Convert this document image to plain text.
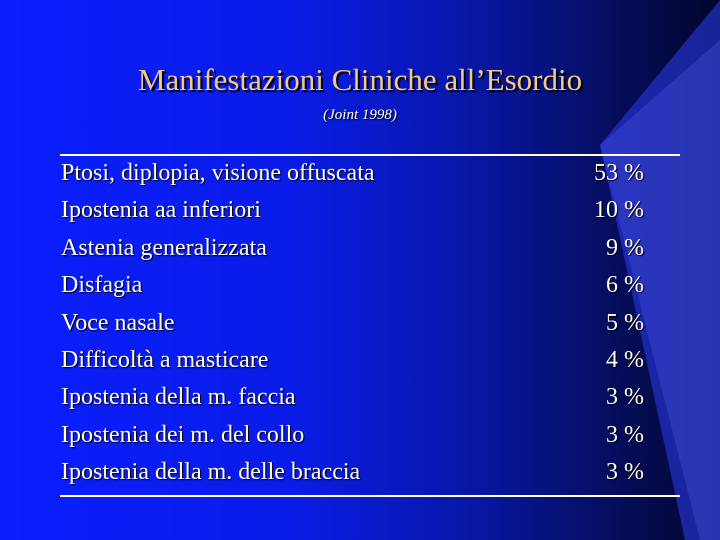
Manifestazioni Cliniche all’Esordio
(Joint 1998)
Ptosi, diplopia, visione offuscata	53 %
Ipostenia aa inferiori	10 %
Astenia generalizzata	9 %
Disfagia	6 %
Voce nasale	5 %
Difficoltà a masticare	4 %
Ipostenia della m. faccia	3 %
Ipostenia dei m. del collo	3 %
Ipostenia della m. delle braccia	3 %
